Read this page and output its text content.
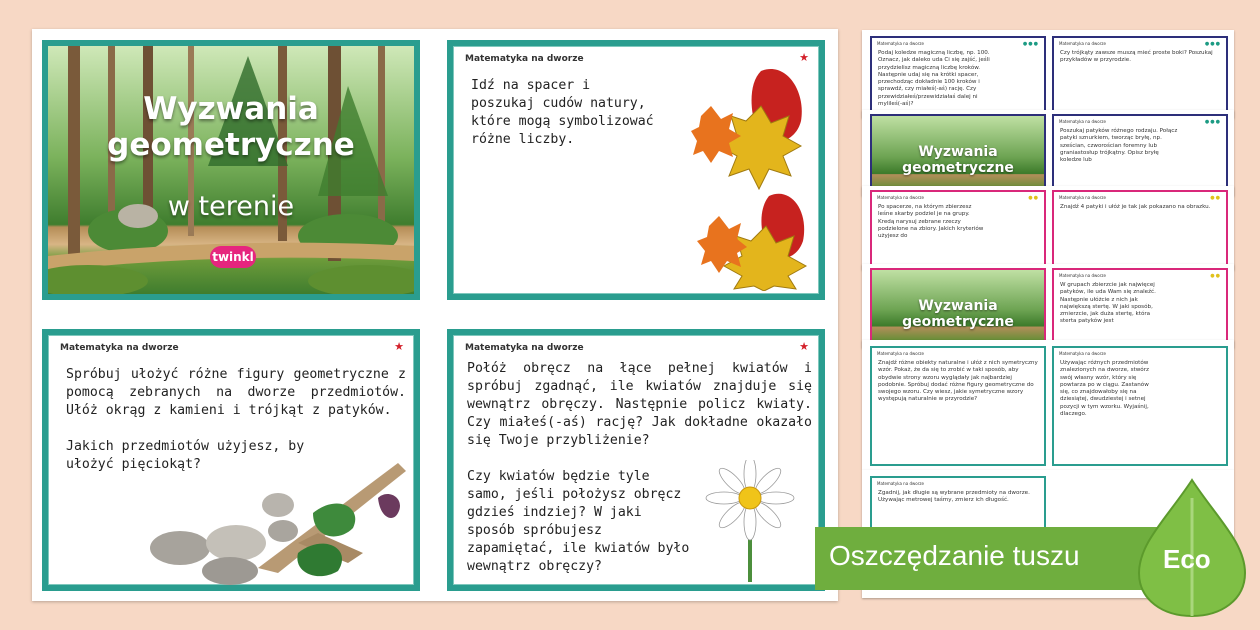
Wyzwania
geometryczne
w terenie
twinkl
Matematyka na dworze	★
Idź na spacer i poszukaj cudów natury, które mogą symbolizować różne liczby.
Matematyka na dworze	★
Spróbuj ułożyć różne figury geometryczne z pomocą zebranych na dworze przedmiotów. Ułóż okrąg z kamieni i trójkąt z patyków.
Jakich przedmiotów użyjesz, by ułożyć pięciokąt?
Matematyka na dworze	★
Połóż obręcz na łące pełnej kwiatów i spróbuj zgadnąć, ile kwiatów znajduje się wewnątrz obręczy. Następnie policz kwiaty. Czy miałeś(-aś) rację? Jak dokładne okazało się Twoje przybliżenie?
Czy kwiatów będzie tyle samo, jeśli położysz obręcz gdzieś indziej? W jaki sposób spróbujesz zapamiętać, ile kwiatów było wewnątrz obręczy?
Matematyka na dworze	●●●
Podaj koledze magiczną liczbę, np. 100. Oznacz, jak daleko uda Ci się zajść, jeśli przydzielisz magiczną liczbę kroków. Następnie udaj się na krótki spacer, przechodząc dokładnie 100 kroków i sprawdź, czy miałeś(-aś) rację. Czy przewidziałeś/przewidziałaś dalej ni mylileś(-aś)?
Matematyka na dworze	●●●
Czy trójkąty zawsze muszą mieć proste boki? Poszukaj przykładów w przyrodzie.
Wyzwania geometryczne
Matematyka na dworze	●●●
Poszukaj patyków różnego rodzaju. Połącz patyki sznurkiem, tworząc bryłę, np. sześcian, czworościan foremny lub graniastosłup trójkątny. Opisz bryłę koledze lub
Matematyka na dworze	●●
Po spacerze, na którym zbierzesz leśne skarby podziel je na grupy. Kredą narysuj zebrane rzeczy podzielone na zbiory. Jakich kryteriów użyjesz do
Matematyka na dworze	●●
Znajdź 4 patyki i ułóż je tak jak pokazano na obrazku.
Wyzwania geometryczne
Matematyka na dworze	●●
W grupach zbierzcie jak najwięcej patyków, ile uda Wam się znaleźć. Następnie ułóżcie z nich jak największą stertę. W jaki sposób, zmierzcie, jak duża stertę, która sterta patyków jest
Matematyka na dworze
Znajdź różne obiekty naturalne i ułóż z nich symetryczny wzór. Pokaż, że da się to zrobić w taki sposób, aby obydwie strony wzoru wyglądały jak najbardziej podobnie. Spróbuj dodać różne figury geometryczne do swojego wzoru. Czy wiesz, jakie symetryczne wzory występują naturalnie w przyrodzie?
Matematyka na dworze
Używając różnych przedmiotów znalezionych na dworze, stwórz swój własny wzór, który się powtarza po w ciągu. Zastanów się, co znajdowałoby się na dziesiątej, dwudziestej i setnej pozycji w tym wzorku. Wyjaśnij, dlaczego.
Matematyka na dworze
Zgadnij, jak długie są wybrane przedmioty na dworze. Używając metrowej taśmy, zmierz ich długość.
Oszczędzanie tuszu	Eco
